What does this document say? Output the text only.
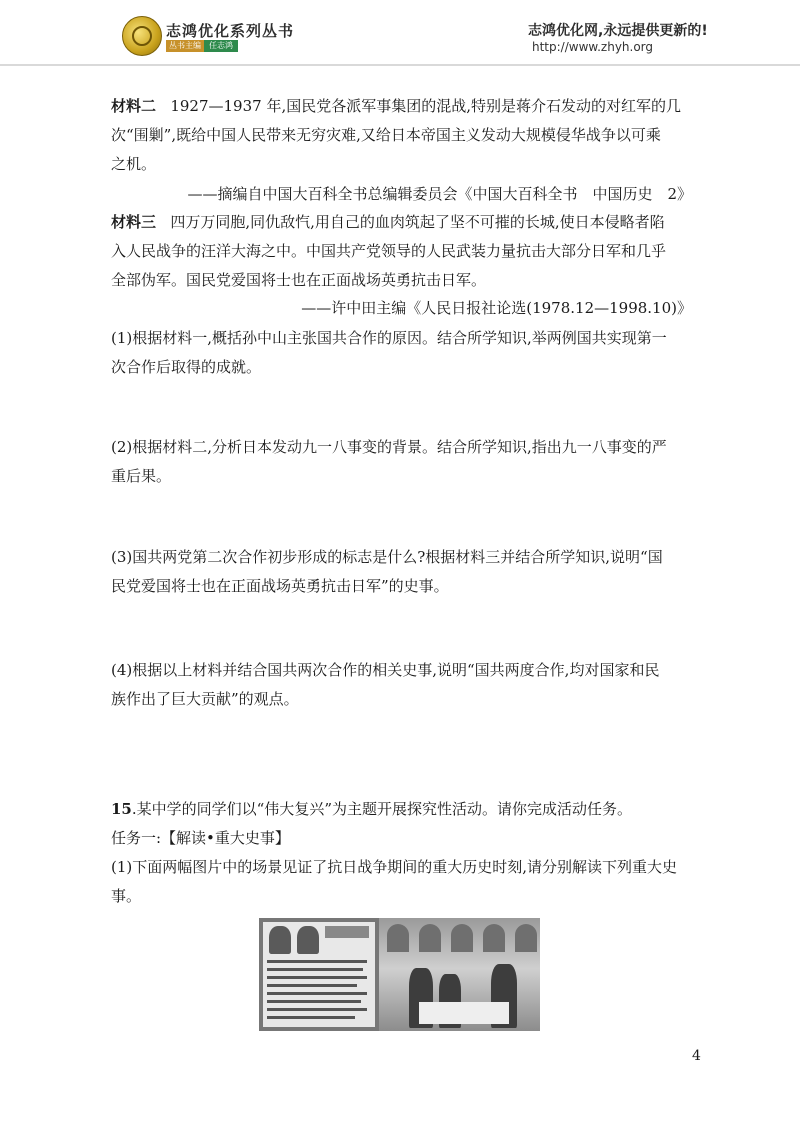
志鸿优化系列丛书
丛书主编	任志鸿
志鸿优化网,永远提供更新的!
http://www.zhyh.org
材料二 1927—1937 年,国民党各派军事集团的混战,特别是蒋介石发动的对红军的几
次“围剿”,既给中国人民带来无穷灾难,又给日本帝国主义发动大规模侵华战争以可乘
之机。
——摘编自中国大百科全书总编辑委员会《中国大百科全书　中国历史　2》
材料三 四万万同胞,同仇敌忾,用自己的血肉筑起了坚不可摧的长城,使日本侵略者陷
入人民战争的汪洋大海之中。中国共产党领导的人民武装力量抗击大部分日军和几乎
全部伪军。国民党爱国将士也在正面战场英勇抗击日军。
——许中田主编《人民日报社论选(1978.12—1998.10)》
(1)根据材料一,概括孙中山主张国共合作的原因。结合所学知识,举两例国共实现第一
次合作后取得的成就。
(2)根据材料二,分析日本发动九一八事变的背景。结合所学知识,指出九一八事变的严
重后果。
(3)国共两党第二次合作初步形成的标志是什么?根据材料三并结合所学知识,说明“国
民党爱国将士也在正面战场英勇抗击日军”的史事。
(4)根据以上材料并结合国共两次合作的相关史事,说明“国共两度合作,均对国家和民
族作出了巨大贡献”的观点。
15.某中学的同学们以“伟大复兴”为主题开展探究性活动。请你完成活动任务。
任务一:【解读•重大史事】
(1)下面两幅图片中的场景见证了抗日战争期间的重大历史时刻,请分别解读下列重大史
事。
4
